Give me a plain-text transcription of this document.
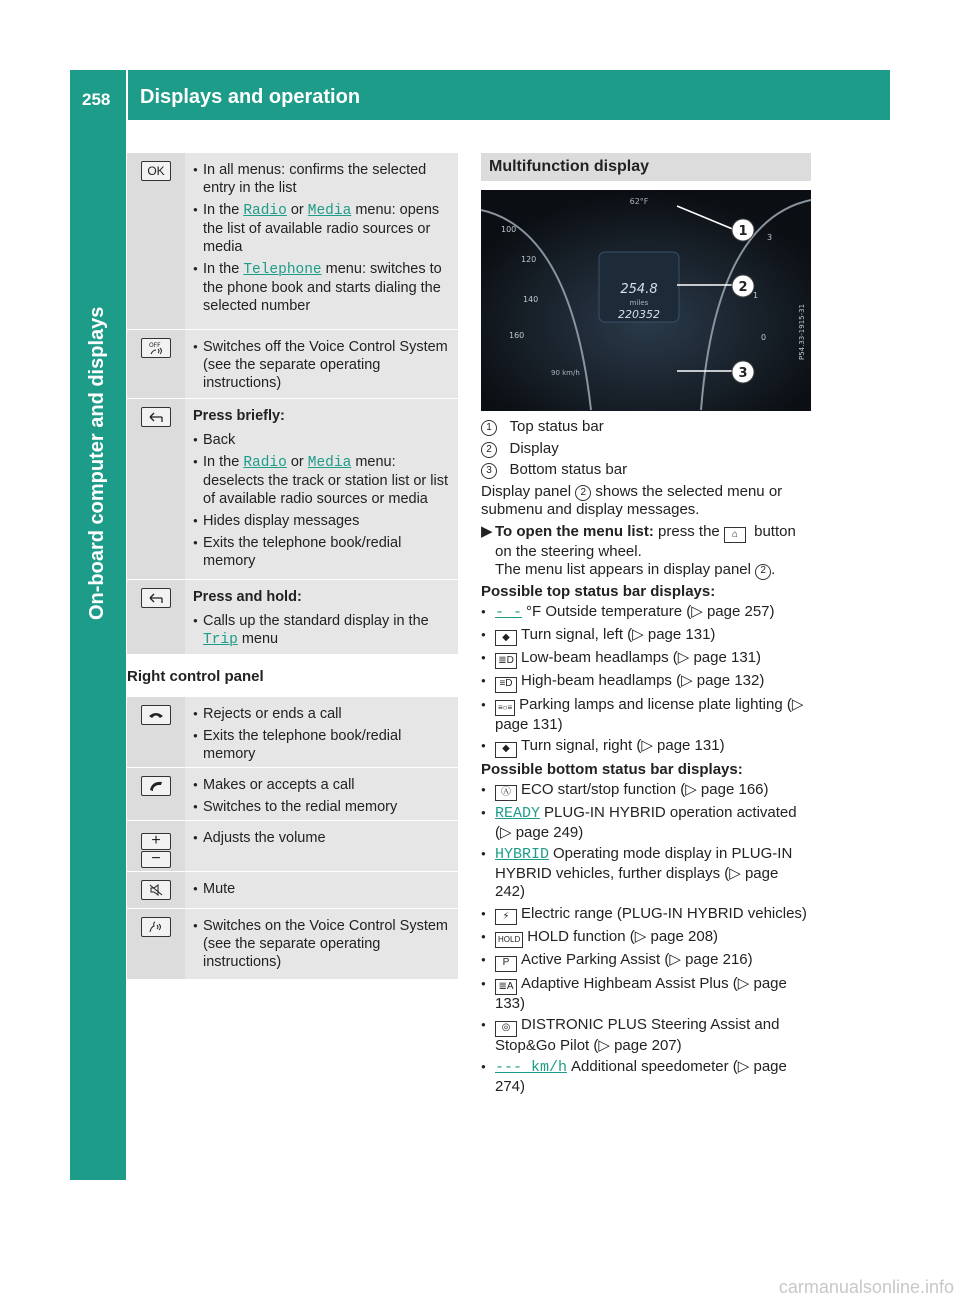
258 Displays and operation
On-board computer and displays
OK	● In all menus: confirms the selected entry in the list
● In the Radio or Media menu: opens the list of available radio sources or media
● In the Telephone menu: switches to the phone book and starts dialing the selected number
OFF	● Switches off the Voice Control System (see the separate operating instructions)
Press briefly:
● Back
● In the Radio or Media menu: deselects the track or station list or list of available radio sources or media
● Hides display messages
● Exits the telephone book/redial memory
Press and hold:
● Calls up the standard display in the Trip menu
Right control panel
● Rejects or ends a call
● Exits the telephone book/redial memory
● Makes or accepts a call
● Switches to the redial memory
+
−
● Adjusts the volume
● Mute
● Switches on the Voice Control System (see the separate operating instructions)
Multifunction display
254.8
miles
220352
62°F
90 km/h
100
120
140
160
3
1
0
1
2
3
P54.33-1915-31
1 Top status bar
2 Display
3 Bottom status bar
Display panel 2 shows the selected menu or submenu and display messages.
▶ To open the menu list: press the ⌂ button on the steering wheel.
The menu list appears in display panel 2 .
Possible top status bar displays:
● - - °F Outside temperature (▷ page 257)
● ◆ Turn signal, left (▷ page 131)
● ≣D Low-beam headlamps (▷ page 131)
● ≡D High-beam headlamps (▷ page 132)
● ≡○≡ Parking lamps and license plate lighting (▷ page 131)
● ◆ Turn signal, right (▷ page 131)
Possible bottom status bar displays:
● Ⓐ ECO start/stop function (▷ page 166)
● READY PLUG-IN HYBRID operation activated (▷ page 249)
● HYBRID Operating mode display in PLUG-IN HYBRID vehicles, further displays (▷ page 242)
● ⚡ Electric range (PLUG-IN HYBRID vehicles)
● HOLD HOLD function (▷ page 208)
● P Active Parking Assist (▷ page 216)
● ≣A Adaptive Highbeam Assist Plus (▷ page 133)
● ◎ DISTRONIC PLUS Steering Assist and Stop&Go Pilot (▷ page 207)
● --- km/h Additional speedometer (▷ page 274)
carmanualsonline.info
